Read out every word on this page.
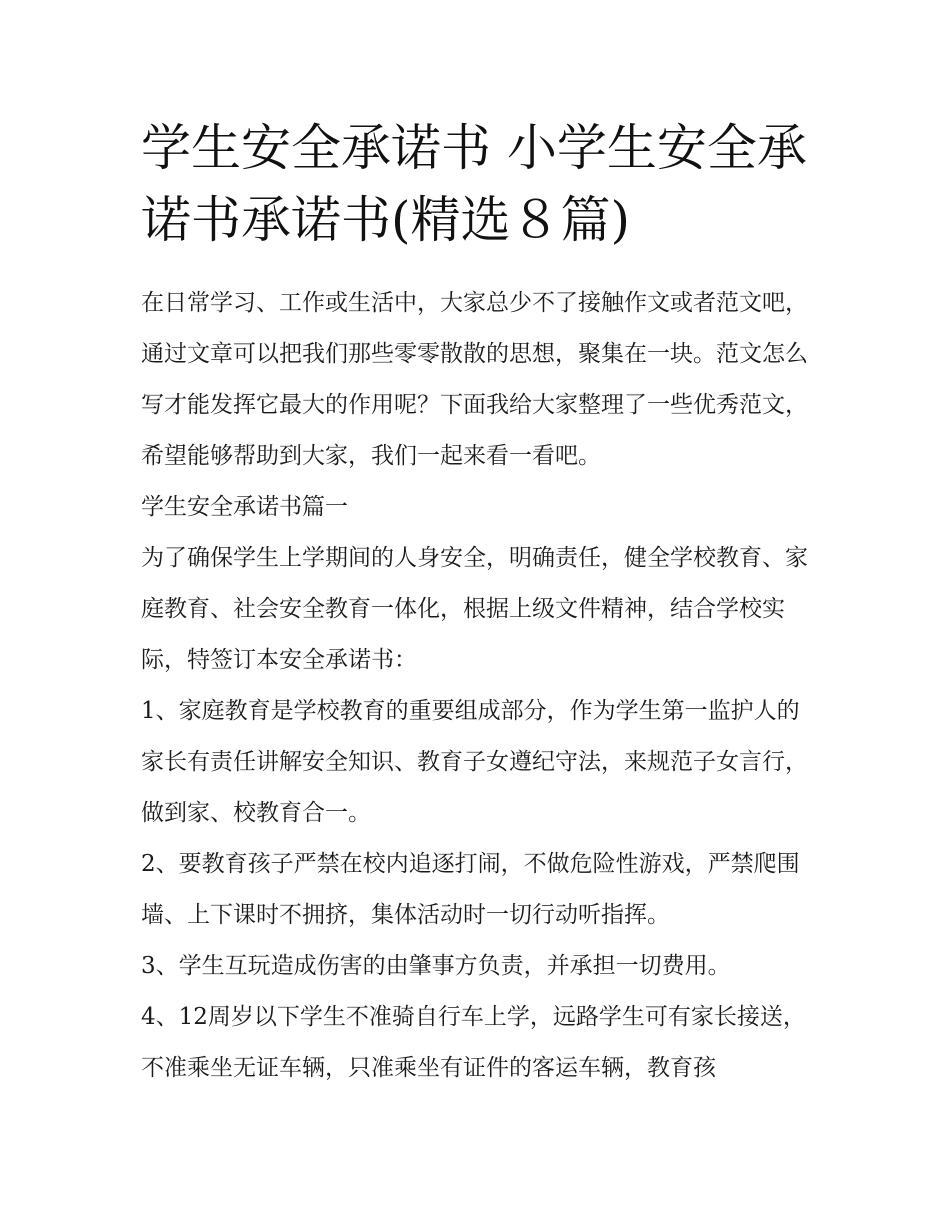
学生安全承诺书 小学生安全承诺书承诺书(精选８篇)

在日常学习、工作或生活中，大家总少不了接触作文或者范文吧，通过文章可以把我们那些零零散散的思想，聚集在一块。范文怎么写才能发挥它最大的作用呢？下面我给大家整理了一些优秀范文，希望能够帮助到大家，我们一起来看一看吧。

学生安全承诺书篇一

为了确保学生上学期间的人身安全，明确责任，健全学校教育、家庭教育、社会安全教育一体化，根据上级文件精神，结合学校实际，特签订本安全承诺书：

1、家庭教育是学校教育的重要组成部分，作为学生第一监护人的家长有责任讲解安全知识、教育子女遵纪守法，来规范子女言行，做到家、校教育合一。

2、要教育孩子严禁在校内追逐打闹，不做危险性游戏，严禁爬围墙、上下课时不拥挤，集体活动时一切行动听指挥。

3、学生互玩造成伤害的由肇事方负责，并承担一切费用。

4、12周岁以下学生不准骑自行车上学，远路学生可有家长接送，不准乘坐无证车辆，只准乘坐有证件的客运车辆，教育孩
